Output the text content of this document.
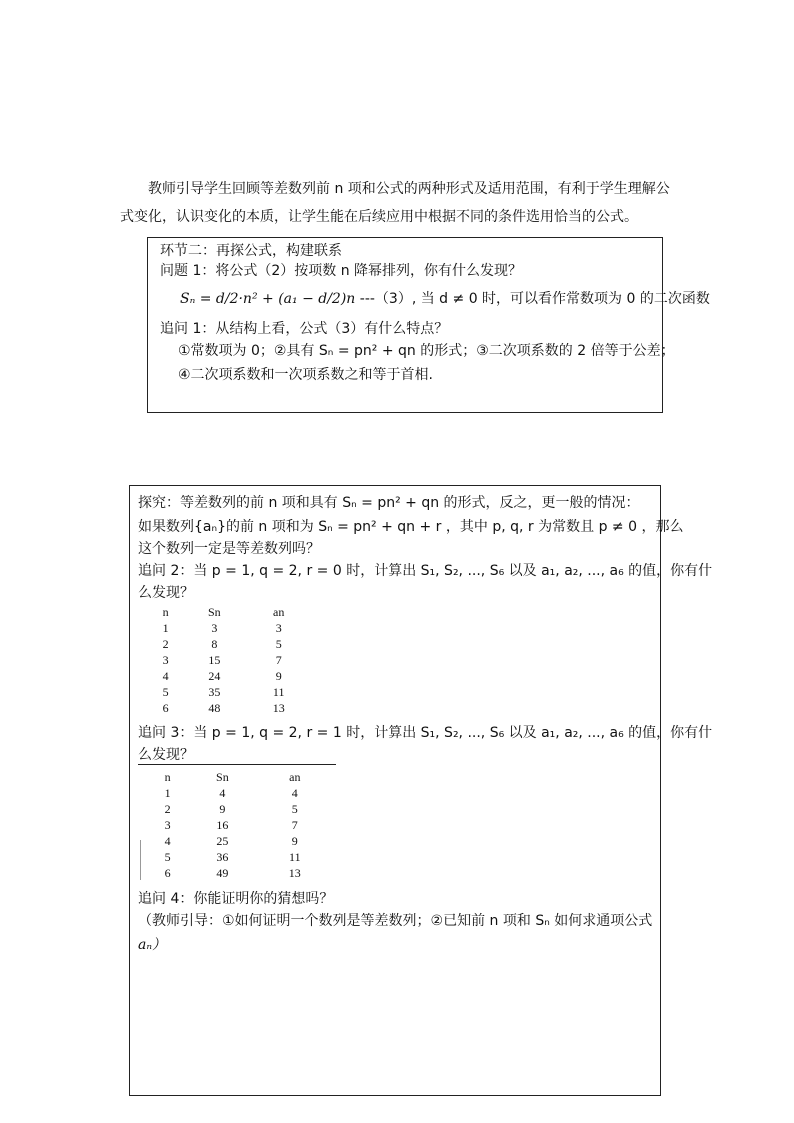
教师引导学生回顾等差数列前 n 项和公式的两种形式及适用范围，有利于学生理解公式变化，认识变化的本质，让学生能在后续应用中根据不同的条件选用恰当的公式。
环节二：再探公式，构建联系
问题 1：将公式（2）按项数 n 降幂排列，你有什么发现？
Sₙ = d/2·n² + (a₁ − d/2)n ---（3）, 当 d ≠ 0 时，可以看作常数项为 0 的二次函数
追问 1：从结构上看，公式（3）有什么特点？
①常数项为 0；②具有 Sₙ = pn² + qn 的形式；③二次项系数的 2 倍等于公差；
④二次项系数和一次项系数之和等于首相.
探究：等差数列的前 n 项和具有 Sₙ = pn² + qn 的形式，反之，更一般的情况：
如果数列{aₙ}的前 n 项和为 Sₙ = pn² + qn + r ，其中 p, q, r 为常数且 p ≠ 0 ，那么
这个数列一定是等差数列吗？
追问 2：当 p = 1, q = 2, r = 0 时，计算出 S₁, S₂, ..., S₆ 以及 a₁, a₂, ..., a₆ 的值，你有什
么发现？
n	Sn	an
1	3	3
2	8	5
3	15	7
4	24	9
5	35	11
6	48	13
追问 3：当 p = 1, q = 2, r = 1 时，计算出 S₁, S₂, ..., S₆ 以及 a₁, a₂, ..., a₆ 的值，你有什
么发现？
n	Sn	an
1	4	4
2	9	5
3	16	7
4	25	9
5	36	11
6	49	13
追问 4：你能证明你的猜想吗？
（教师引导：①如何证明一个数列是等差数列；②已知前 n 项和 Sₙ 如何求通项公式
aₙ）
